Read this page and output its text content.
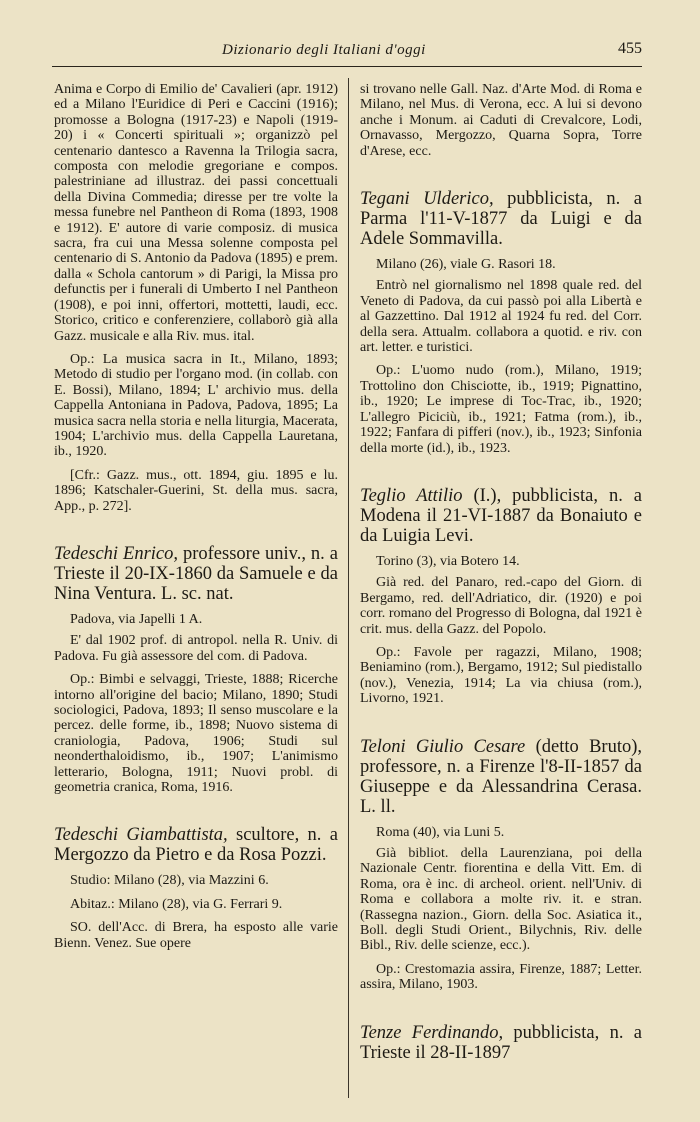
Dizionario degli Italiani d'oggi	455

Anima e Corpo di Emilio de' Cavalieri (apr. 1912) ed a Milano l'Euridice di Peri e Caccini (1916); promosse a Bologna (1917-23) e Napoli (1919-20) i « Concerti spirituali »; organizzò pel centenario dantesco a Ravenna la Trilogia sacra, composta con melodie gregoriane e compos. palestriniane ad illustraz. dei passi concettuali della Divina Commedia; diresse per tre volte la messa funebre nel Pantheon di Roma (1893, 1908 e 1912). E' autore di varie composiz. di musica sacra, fra cui una Messa solenne composta pel centenario di S. Antonio da Padova (1895) e prem. dalla « Schola cantorum » di Parigi, la Missa pro defunctis per i funerali di Umberto I nel Pantheon (1908), e poi inni, offertori, mottetti, laudi, ecc. Storico, critico e conferenziere, collaborò già alla Gazz. musicale e alla Riv. mus. ital.

Op.: La musica sacra in It., Milano, 1893; Metodo di studio per l'organo mod. (in collab. con E. Bossi), Milano, 1894; L' archivio mus. della Cappella Antoniana in Padova, Padova, 1895; La musica sacra nella storia e nella liturgia, Macerata, 1904; L'archivio mus. della Cappella Lauretana, ib., 1920.

[Cfr.: Gazz. mus., ott. 1894, giu. 1895 e lu. 1896; Katschaler-Guerini, St. della mus. sacra, App., p. 272].

Tedeschi Enrico, professore univ., n. a Trieste il 20-IX-1860 da Samuele e da Nina Ventura. L. sc. nat.

Padova, via Japelli 1 A.

E' dal 1902 prof. di antropol. nella R. Univ. di Padova. Fu già assessore del com. di Padova.

Op.: Bimbi e selvaggi, Trieste, 1888; Ricerche intorno all'origine del bacio; Milano, 1890; Studi sociologici, Padova, 1893; Il senso muscolare e la percez. delle forme, ib., 1898; Nuovo sistema di craniologia, Padova, 1906; Studi sul neonderthaloidismo, ib., 1907; L'animismo letterario, Bologna, 1911; Nuovi probl. di geometria cranica, Roma, 1916.

Tedeschi Giambattista, scultore, n. a Mergozzo da Pietro e da Rosa Pozzi.

Studio: Milano (28), via Mazzini 6.

Abitaz.: Milano (28), via G. Ferrari 9.

SO. dell'Acc. di Brera, ha esposto alle varie Bienn. Venez. Sue opere

si trovano nelle Gall. Naz. d'Arte Mod. di Roma e Milano, nel Mus. di Verona, ecc. A lui si devono anche i Monum. ai Caduti di Crevalcore, Lodi, Ornavasso, Mergozzo, Quarna Sopra, Torre d'Arese, ecc.

Tegani Ulderico, pubblicista, n. a Parma l'11-V-1877 da Luigi e da Adele Sommavilla.

Milano (26), viale G. Rasori 18.

Entrò nel giornalismo nel 1898 quale red. del Veneto di Padova, da cui passò poi alla Libertà e al Gazzettino. Dal 1912 al 1924 fu red. del Corr. della sera. Attualm. collabora a quotid. e riv. con art. letter. e turistici.

Op.: L'uomo nudo (rom.), Milano, 1919; Trottolino don Chisciotte, ib., 1919; Pignattino, ib., 1920; Le imprese di Toc-Trac, ib., 1920; L'allegro Piciciù, ib., 1921; Fatma (rom.), ib., 1922; Fanfara di pifferi (nov.), ib., 1923; Sinfonia della morte (id.), ib., 1923.

Teglio Attilio (I.), pubblicista, n. a Modena il 21-VI-1887 da Bonaiuto e da Luigia Levi.

Torino (3), via Botero 14.

Già red. del Panaro, red.-capo del Giorn. di Bergamo, red. dell'Adriatico, dir. (1920) e poi corr. romano del Progresso di Bologna, dal 1921 è crit. mus. della Gazz. del Popolo.

Op.: Favole per ragazzi, Milano, 1908; Beniamino (rom.), Bergamo, 1912; Sul piedistallo (nov.), Venezia, 1914; La via chiusa (rom.), Livorno, 1921.

Teloni Giulio Cesare (detto Bruto), professore, n. a Firenze l'8-II-1857 da Giuseppe e da Alessandrina Cerasa. L. ll.

Roma (40), via Luni 5.

Già bibliot. della Laurenziana, poi della Nazionale Centr. fiorentina e della Vitt. Em. di Roma, ora è inc. di archeol. orient. nell'Univ. di Roma e collabora a molte riv. it. e stran. (Rassegna nazion., Giorn. della Soc. Asiatica it., Boll. degli Studi Orient., Bilychnis, Riv. delle Bibl., Riv. delle scienze, ecc.).

Op.: Crestomazia assira, Firenze, 1887; Letter. assira, Milano, 1903.

Tenze Ferdinando, pubblicista, n. a Trieste il 28-II-1897
